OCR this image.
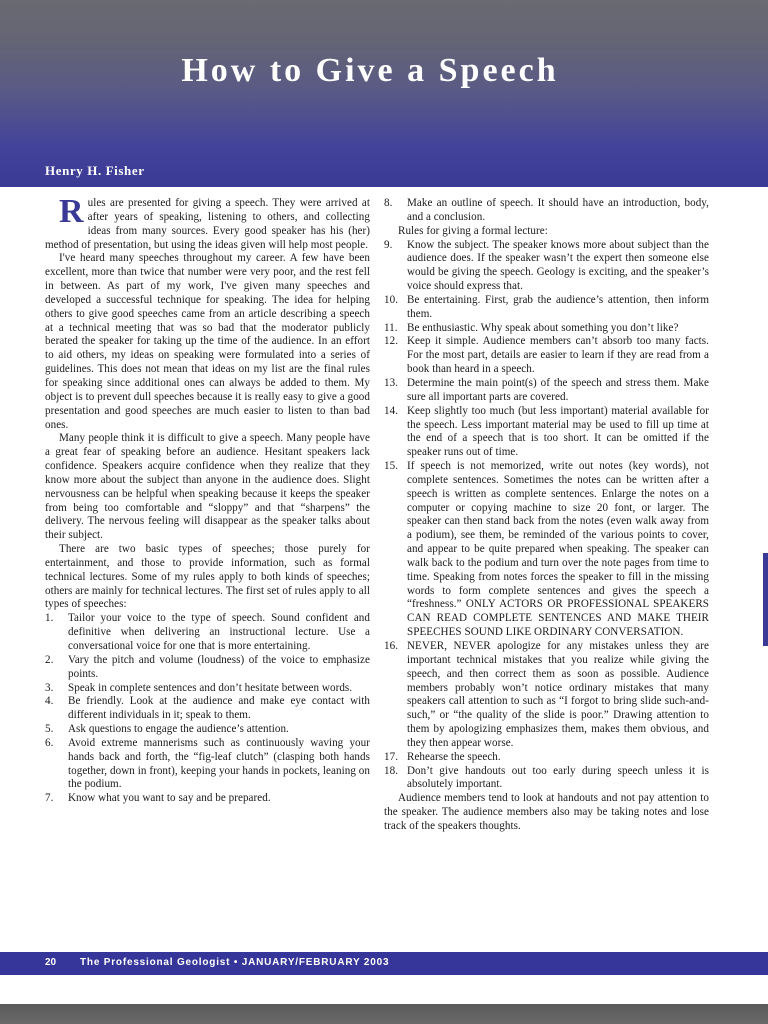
How to Give a Speech
Henry H. Fisher

Rules are presented for giving a speech. They were arrived at after years of speaking, listening to others, and collecting ideas from many sources. Every good speaker has his (her) method of presentation, but using the ideas given will help most people.

I've heard many speeches throughout my career. A few have been excellent, more than twice that number were very poor, and the rest fell in between. As part of my work, I've given many speeches and developed a successful technique for speaking. The idea for helping others to give good speeches came from an article describing a speech at a technical meeting that was so bad that the moderator publicly berated the speaker for taking up the time of the audience. In an effort to aid others, my ideas on speaking were formulated into a series of guidelines. This does not mean that ideas on my list are the final rules for speaking since additional ones can always be added to them. My object is to prevent dull speeches because it is really easy to give a good presentation and good speeches are much easier to listen to than bad ones.

Many people think it is difficult to give a speech. Many people have a great fear of speaking before an audience. Hesitant speakers lack confidence. Speakers acquire confidence when they realize that they know more about the subject than anyone in the audience does. Slight nervousness can be helpful when speaking because it keeps the speaker from being too comfortable and “sloppy” and that “sharpens” the delivery. The nervous feeling will disappear as the speaker talks about their subject.

There are two basic types of speeches; those purely for entertainment, and those to provide information, such as formal technical lectures. Some of my rules apply to both kinds of speeches; others are mainly for technical lectures. The first set of rules apply to all types of speeches:

1. Tailor your voice to the type of speech. Sound confident and definitive when delivering an instructional lecture. Use a conversational voice for one that is more entertaining.
2. Vary the pitch and volume (loudness) of the voice to emphasize points.
3. Speak in complete sentences and don’t hesitate between words.
4. Be friendly. Look at the audience and make eye contact with different individuals in it; speak to them.
5. Ask questions to engage the audience’s attention.
6. Avoid extreme mannerisms such as continuously waving your hands back and forth, the “fig-leaf clutch” (clasping both hands together, down in front), keeping your hands in pockets, leaning on the podium.
7. Know what you want to say and be prepared.
8. Make an outline of speech. It should have an introduction, body, and a conclusion.

Rules for giving a formal lecture:

9. Know the subject. The speaker knows more about subject than the audience does. If the speaker wasn’t the expert then someone else would be giving the speech. Geology is exciting, and the speaker’s voice should express that.
10. Be entertaining. First, grab the audience’s attention, then inform them.
11. Be enthusiastic. Why speak about something you don’t like?
12. Keep it simple. Audience members can’t absorb too many facts. For the most part, details are easier to learn if they are read from a book than heard in a speech.
13. Determine the main point(s) of the speech and stress them. Make sure all important parts are covered.
14. Keep slightly too much (but less important) material available for the speech. Less important material may be used to fill up time at the end of a speech that is too short. It can be omitted if the speaker runs out of time.
15. If speech is not memorized, write out notes (key words), not complete sentences. Sometimes the notes can be written after a speech is written as complete sentences. Enlarge the notes on a computer or copying machine to size 20 font, or larger. The speaker can then stand back from the notes (even walk away from a podium), see them, be reminded of the various points to cover, and appear to be quite prepared when speaking. The speaker can walk back to the podium and turn over the note pages from time to time. Speaking from notes forces the speaker to fill in the missing words to form complete sentences and gives the speech a “freshness.” ONLY ACTORS OR PROFESSIONAL SPEAKERS CAN READ COMPLETE SENTENCES AND MAKE THEIR SPEECHES SOUND LIKE ORDINARY CONVERSATION.
16. NEVER, NEVER apologize for any mistakes unless they are important technical mistakes that you realize while giving the speech, and then correct them as soon as possible. Audience members probably won’t notice ordinary mistakes that many speakers call attention to such as “I forgot to bring slide such-and-such,” or “the quality of the slide is poor.” Drawing attention to them by apologizing emphasizes them, makes them obvious, and they then appear worse.
17. Rehearse the speech.
18. Don’t give handouts out too early during speech unless it is absolutely important.

Audience members tend to look at handouts and not pay attention to the speaker. The audience members also may be taking notes and lose track of the speakers thoughts.

20 The Professional Geologist • JANUARY/FEBRUARY 2003
